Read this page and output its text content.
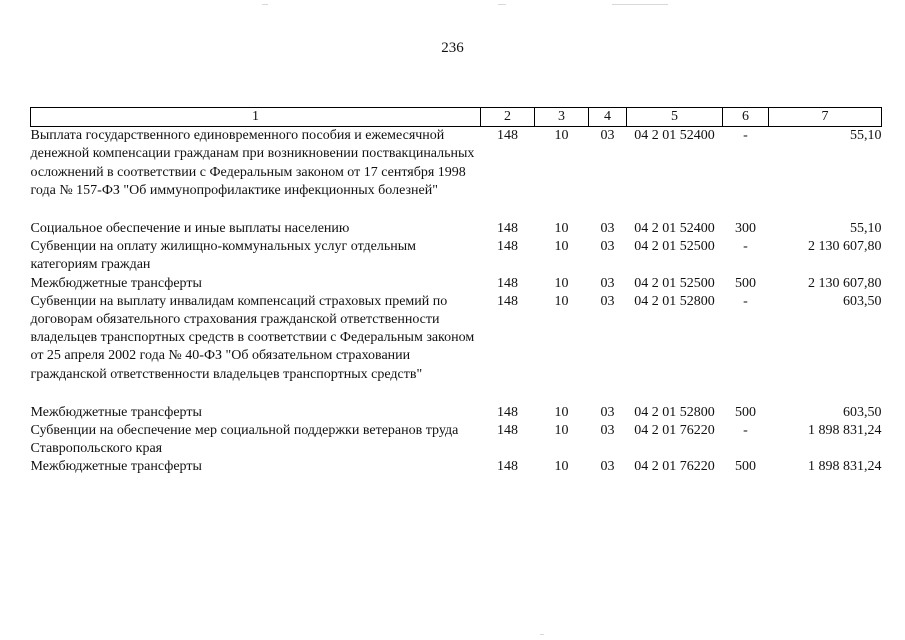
236
1	2	3	4	5	6	7
Выплата государственного единовременного пособия и ежемесячной денежной компенсации гражданам при возникновении поствакцинальных осложнений в соответствии с Федеральным законом от 17 сентября 1998 года № 157-ФЗ "Об иммунопрофилактике инфекционных болезней"	148	10	03	04 2 01 52400	-	55,10

Социальное обеспечение и иные выплаты населению	148	10	03	04 2 01 52400	300	55,10
Субвенции на оплату жилищно-коммунальных услуг отдельным категориям граждан	148	10	03	04 2 01 52500	-	2 130 607,80
Межбюджетные трансферты	148	10	03	04 2 01 52500	500	2 130 607,80
Субвенции на выплату инвалидам компенсаций страховых премий по договорам обязательного страхования гражданской ответственности владельцев транспортных средств в соответствии с Федеральным законом от 25 апреля 2002 года № 40-ФЗ "Об обязательном страховании гражданской ответственности владельцев транспортных средств"	148	10	03	04 2 01 52800	-	603,50

Межбюджетные трансферты	148	10	03	04 2 01 52800	500	603,50
Субвенции на обеспечение мер социальной поддержки ветеранов труда Ставропольского края	148	10	03	04 2 01 76220	-	1 898 831,24
Межбюджетные трансферты	148	10	03	04 2 01 76220	500	1 898 831,24
